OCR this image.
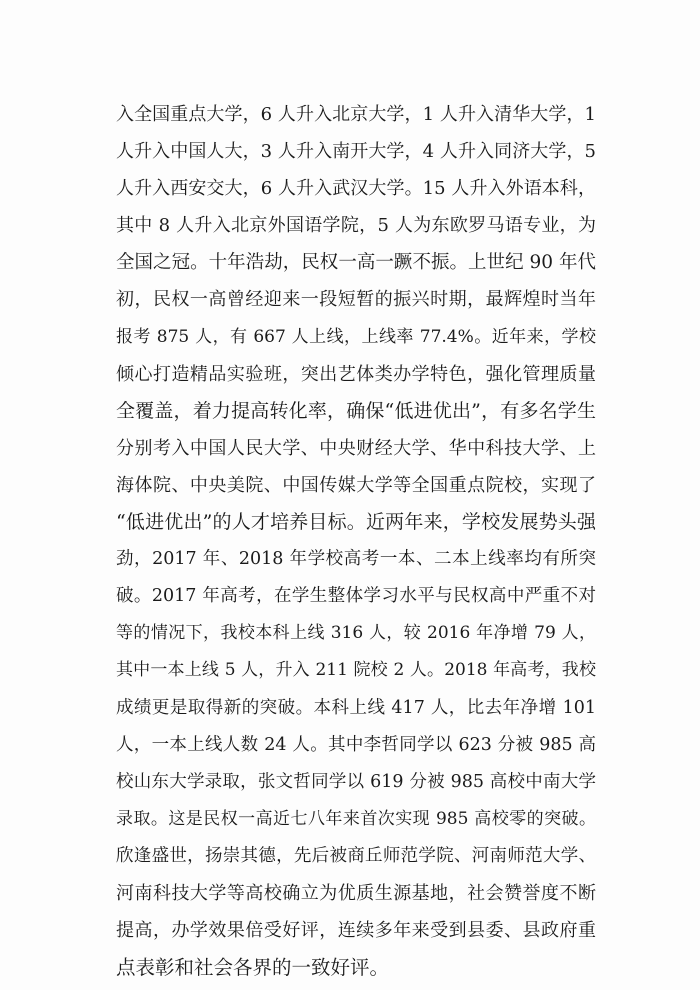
入全国重点大学，6 人升入北京大学，1 人升入清华大学，1
人升入中国人大，3 人升入南开大学，4 人升入同济大学，5
人升入西安交大，6 人升入武汉大学。15 人升入外语本科，
其中 8 人升入北京外国语学院，5 人为东欧罗马语专业，为
全国之冠。十年浩劫，民权一高一蹶不振。上世纪 90 年代
初，民权一高曾经迎来一段短暂的振兴时期，最辉煌时当年
报考 875 人，有 667 人上线，上线率 77.4%。近年来，学校
倾心打造精品实验班，突出艺体类办学特色，强化管理质量
全覆盖，着力提高转化率，确保“低进优出”，有多名学生
分别考入中国人民大学、中央财经大学、华中科技大学、上
海体院、中央美院、中国传媒大学等全国重点院校，实现了
“低进优出”的人才培养目标。近两年来，学校发展势头强
劲，2017 年、2018 年学校高考一本、二本上线率均有所突
破。2017 年高考，在学生整体学习水平与民权高中严重不对
等的情况下，我校本科上线 316 人，较 2016 年净增 79 人，
其中一本上线 5 人，升入 211 院校 2 人。2018 年高考，我校
成绩更是取得新的突破。本科上线 417 人，比去年净增 101
人，一本上线人数 24 人。其中李哲同学以 623 分被 985 高
校山东大学录取，张文哲同学以 619 分被 985 高校中南大学
录取。这是民权一高近七八年来首次实现 985 高校零的突破。
欣逢盛世，扬崇其德，先后被商丘师范学院、河南师范大学、
河南科技大学等高校确立为优质生源基地，社会赞誉度不断
提高，办学效果倍受好评，连续多年来受到县委、县政府重
点表彰和社会各界的一致好评。
